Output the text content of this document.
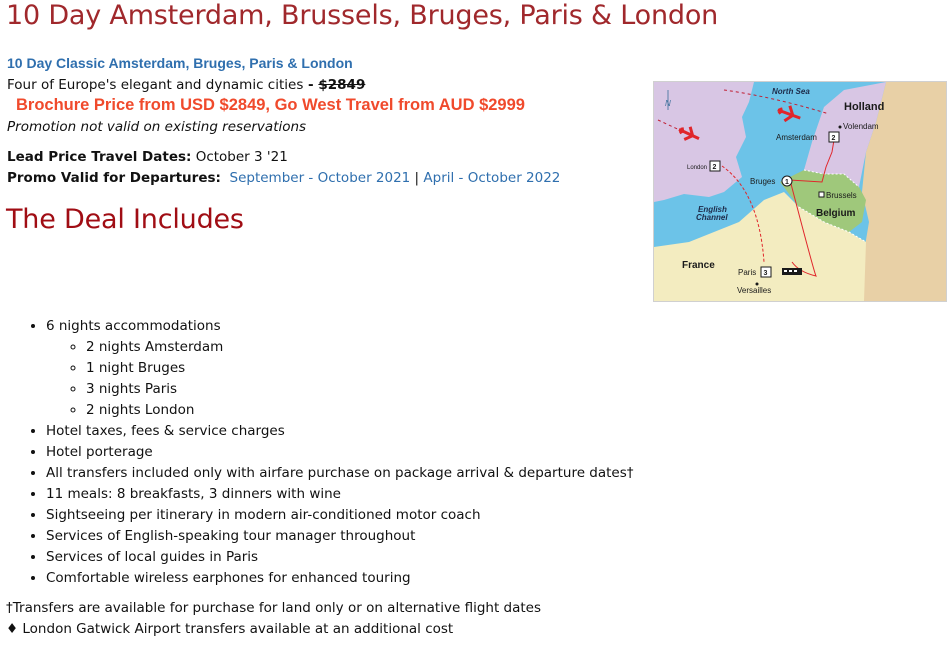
10 Day Amsterdam, Brussels, Bruges, Paris & London
10 Day Classic Amsterdam, Bruges, Paris & London
Four of Europe's elegant and dynamic cities - $2849
Brochure Price from USD $2849, Go West Travel from AUD $2999
Promotion not valid on existing reservations
Lead Price Travel Dates: October 3 '21
Promo Valid for Departures: September - October 2021 | April - October 2022
The Deal Includes
• 6 nights accommodations
◦ 2 nights Amsterdam
◦ 1 night Bruges
◦ 3 nights Paris
◦ 2 nights London
• Hotel taxes, fees & service charges
• Hotel porterage
• All transfers included only with airfare purchase on package arrival & departure dates†
• 11 meals: 8 breakfasts, 3 dinners with wine
• Sightseeing per itinerary in modern air-conditioned motor coach
• Services of English-speaking tour manager throughout
• Services of local guides in Paris
• Comfortable wireless earphones for enhanced touring
†Transfers are available for purchase for land only or on alternative flight dates
♦ London Gatwick Airport transfers available at an additional cost
N
North Sea
Holland
Volendam
Amsterdam 2
London 2
Bruges 1
Brussels
Belgium
English
Channel
France
Paris 3
Versailles
